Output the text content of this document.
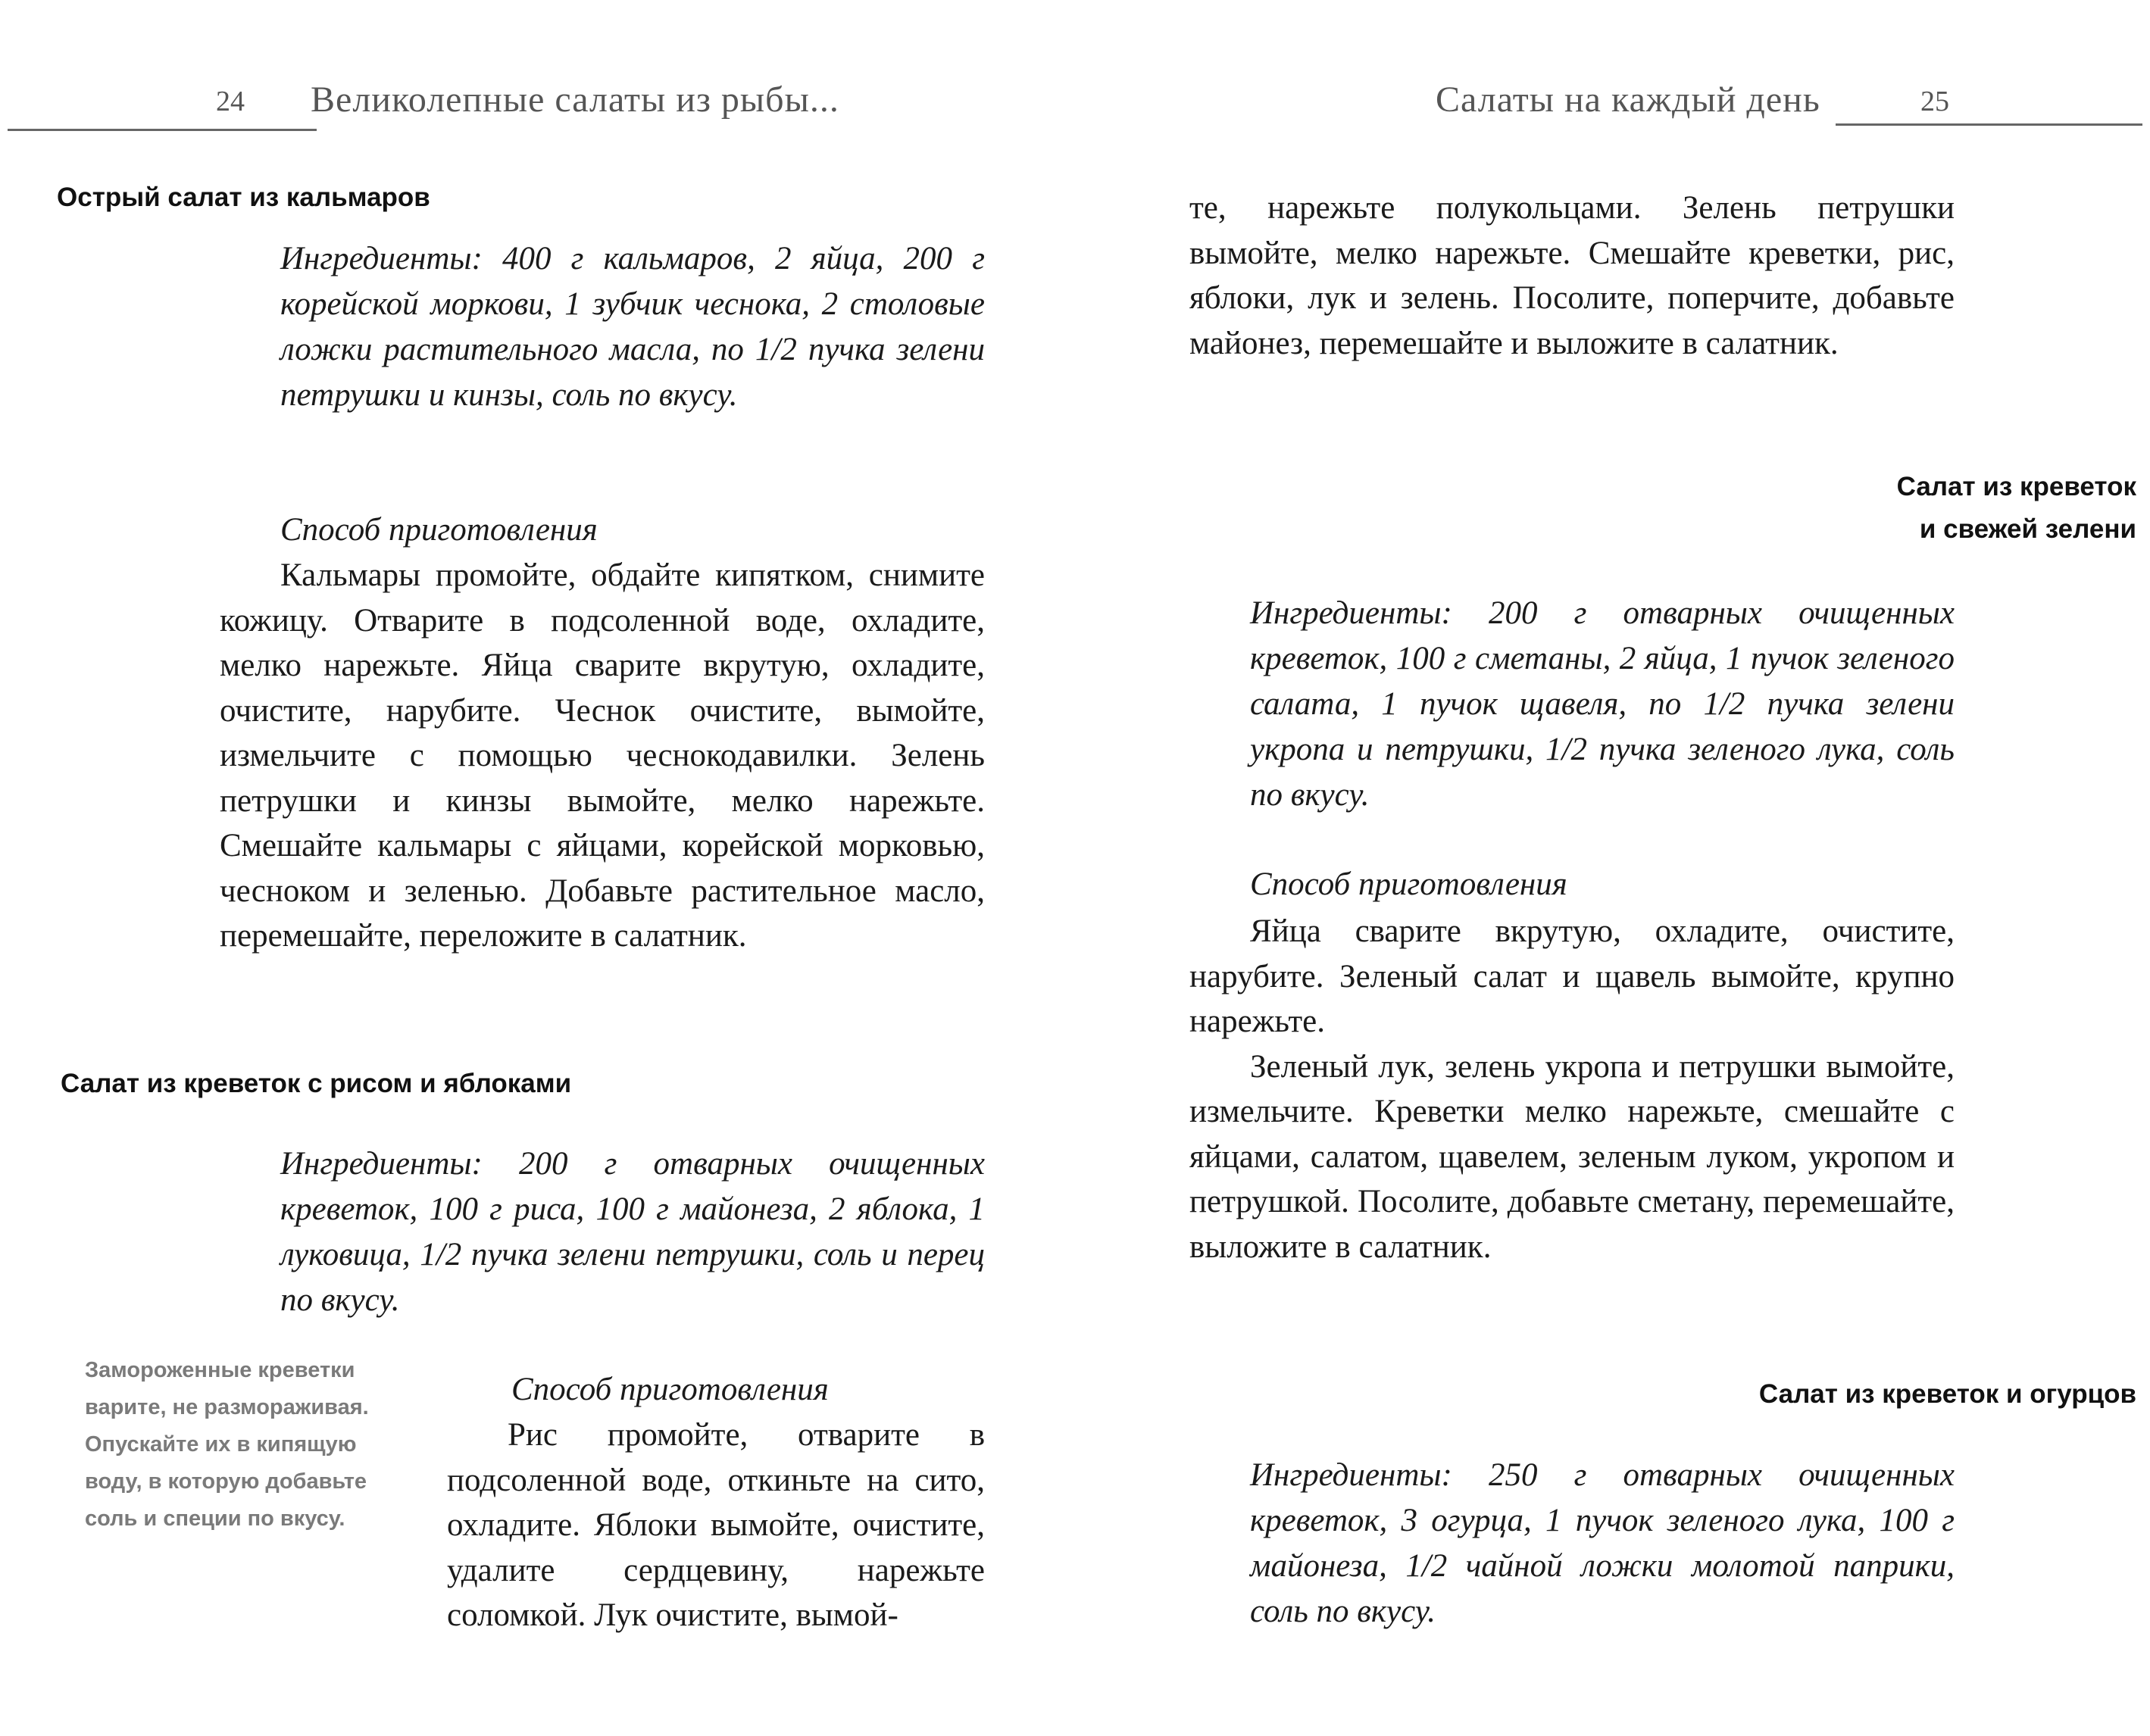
24 Великолепные салаты из рыбы...
Острый салат из кальмаров
Ингредиенты: 400 г кальмаров, 2 яйца, 200 г корейской моркови, 1 зубчик чеснока, 2 столовые ложки растительного масла, по 1/2 пучка зелени петрушки и кинзы, соль по вкусу.
Способ приготовления

Кальмары промойте, обдайте кипятком, снимите кожицу. Отварите в подсоленной воде, охладите, мелко нарежьте. Яйца сварите вкрутую, охладите, очистите, нарубите. Чеснок очистите, вымойте, измельчите с помощью чеснокодавилки. Зелень петрушки и кинзы вымойте, мелко нарежьте. Смешайте кальмары с яйцами, корейской морковью, чесноком и зеленью. Добавьте растительное масло, перемешайте, переложите в салатник.

Салат из креветок с рисом и яблоками
Ингредиенты: 200 г отварных очищенных креветок, 100 г риса, 100 г майонеза, 2 яблока, 1 луковица, 1/2 пучка зелени петрушки, соль и перец по вкусу.
Замороженные креветки варите, не размораживая. Опускайте их в кипящую воду, в которую добавьте соль и специи по вкусу.
Способ приготовления

Рис промойте, отварите в подсоленной воде, откиньте на сито, охладите. Яблоки вымойте, очистите, удалите сердцевину, нарежьте соломкой. Лук очистите, вымой-

Салаты на каждый день	25

те, нарежьте полукольцами. Зелень петрушки вымойте, мелко нарежьте. Смешайте креветки, рис, яблоки, лук и зелень. Посолите, поперчите, добавьте майонез, перемешайте и выложите в салатник.

Салат из креветок
и свежей зелени
Ингредиенты: 200 г отварных очищенных креветок, 100 г сметаны, 2 яйца, 1 пучок зеленого салата, 1 пучок щавеля, по 1/2 пучка зелени укропа и петрушки, 1/2 пучка зеленого лука, соль по вкусу.
Способ приготовления

Яйца сварите вкрутую, охладите, очистите, нарубите. Зеленый салат и щавель вымойте, крупно нарежьте.

Зеленый лук, зелень укропа и петрушки вымойте, измельчите. Креветки мелко нарежьте, смешайте с яйцами, салатом, щавелем, зеленым луком, укропом и петрушкой. Посолите, добавьте сметану, перемешайте, выложите в салатник.

Салат из креветок и огурцов
Ингредиенты: 250 г отварных очищенных креветок, 3 огурца, 1 пучок зеленого лука, 100 г майонеза, 1/2 чайной ложки молотой паприки, соль по вкусу.
